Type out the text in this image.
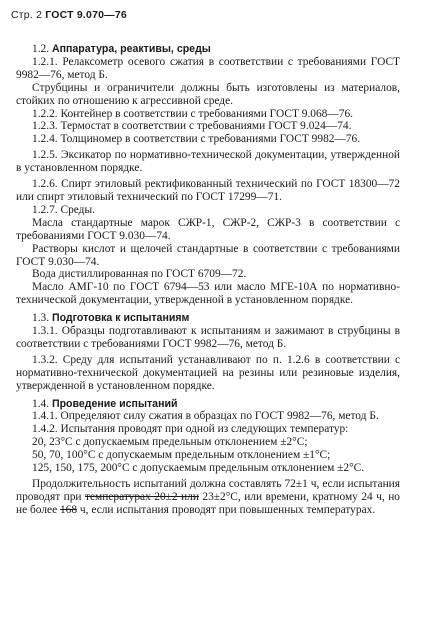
Стр. 2 ГОСТ 9.070—76

1.2. Аппаратура, реактивы, среды

1.2.1. Релаксометр осевого сжатия в соответствии с требованиями ГОСТ 9982—76, метод Б.

Струбцины и ограничители должны быть изготовлены из материалов, стойких по отношению к агрессивной среде.

1.2.2. Контейнер в соответствии с требованиями ГОСТ 9.068—76.

1.2.3. Термостат в соответствии с требованиями ГОСТ 9.024—74.

1.2.4. Толщиномер в соответствии с требованиями ГОСТ 9982—76.

1.2.5. Эксикатор по нормативно-технической документации, утвержденной в установленном порядке.

1.2.6. Спирт этиловый ректификованный технический по ГОСТ 18300—72 или спирт этиловый технический по ГОСТ 17299—71.

1.2.7. Среды.

Масла стандартные марок СЖР-1, СЖР-2, СЖР-3 в соответствии с требованиями ГОСТ 9.030—74.

Растворы кислот и щелочей стандартные в соответствии с требованиями ГОСТ 9.030—74.

Вода дистиллированная по ГОСТ 6709—72.

Масло АМГ-10 по ГОСТ 6794—53 или масло МГЕ-10А по нормативно-технической документации, утвержденной в установленном порядке.

1.3. Подготовка к испытаниям

1.3.1. Образцы подготавливают к испытаниям и зажимают в струбцины в соответствии с требованиями ГОСТ 9982—76, метод Б.

1.3.2. Среду для испытаний устанавливают по п. 1.2.6 в соответствии с нормативно-технической документацией на резины или резиновые изделия, утвержденной в установленном порядке.

1.4. Проведение испытаний

1.4.1. Определяют силу сжатия в образцах по ГОСТ 9982—76, метод Б.

1.4.2. Испытания проводят при одной из следующих температур:

20, 23°С с допускаемым предельным отклонением ±2°С;

50, 70, 100°С с допускаемым предельным отклонением ±1°С;

125, 150, 175, 200°С с допускаемым предельным отклонением ±2°С.

Продолжительность испытаний должна составлять 72±1 ч, если испытания проводят при температурах 20±2 или 23±2°С, или времени, кратному 24 ч, но не более 168 ч, если испытания проводят при повышенных температурах.
